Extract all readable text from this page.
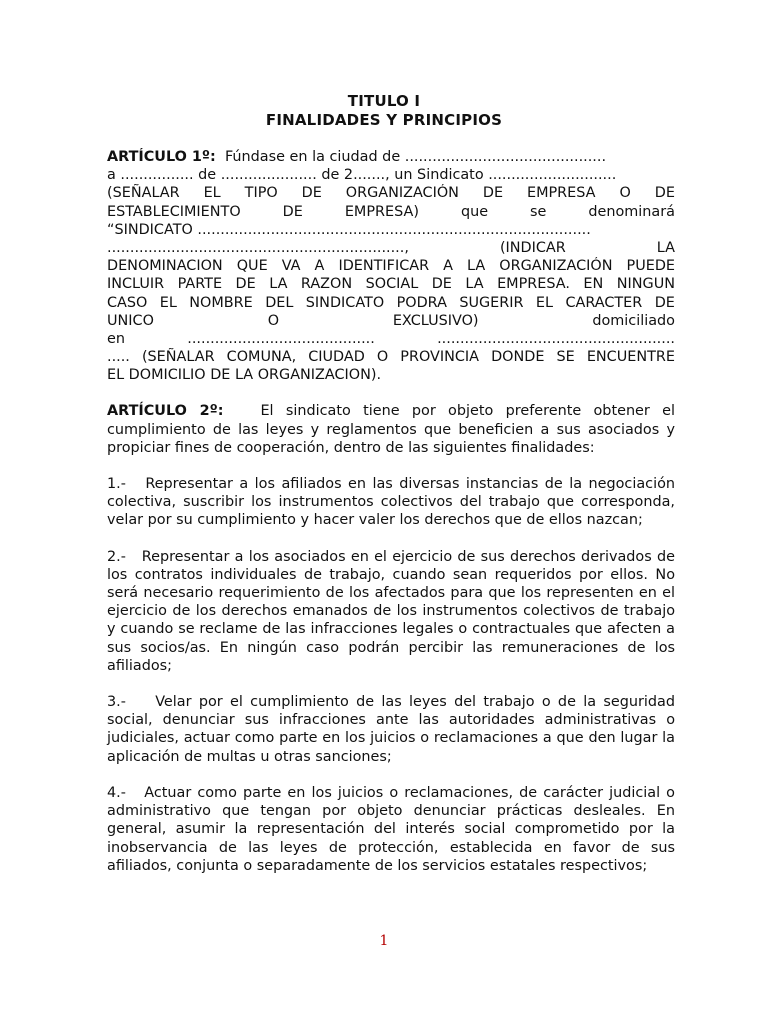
TITULO I
FINALIDADES Y PRINCIPIOS
ARTÍCULO 1º: Fúndase en la ciudad de ............................................
a ................ de ..................... de 2......., un Sindicato ............................
(SEÑALAR EL TIPO DE ORGANIZACIÓN DE EMPRESA O DE
ESTABLECIMIENTO	DE	EMPRESA)	que	se	denominará
“SINDICATO ......................................................................................
.................................................................,	(INDICAR	LA
DENOMINACION QUE VA A IDENTIFICAR A LA ORGANIZACIÓN PUEDE
INCLUIR PARTE DE LA RAZON SOCIAL DE LA EMPRESA. EN NINGUN
CASO EL NOMBRE DEL SINDICATO PODRA SUGERIR EL CARACTER DE
UNICO	O	EXCLUSIVO)	domiciliado
en	.........................................	....................................................
..... (SEÑALAR COMUNA, CIUDAD O PROVINCIA DONDE SE ENCUENTRE
EL DOMICILIO DE LA ORGANIZACION).
ARTÍCULO 2º:	El sindicato tiene por objeto preferente obtener el cumplimiento de las leyes y reglamentos que beneficien a sus asociados y propiciar fines de cooperación, dentro de las siguientes finalidades:
1.- Representar a los afiliados en las diversas instancias de la negociación colectiva, suscribir los instrumentos colectivos del trabajo que corresponda, velar por su cumplimiento y hacer valer los derechos que de ellos nazcan;
2.- Representar a los asociados en el ejercicio de sus derechos derivados de los contratos individuales de trabajo, cuando sean requeridos por ellos. No será necesario requerimiento de los afectados para que los representen en el ejercicio de los derechos emanados de los instrumentos colectivos de trabajo y cuando se reclame de las infracciones legales o contractuales que afecten a sus socios/as. En ningún caso podrán percibir las remuneraciones de los afiliados;
3.- Velar por el cumplimiento de las leyes del trabajo o de la seguridad social, denunciar sus infracciones ante las autoridades administrativas o judiciales, actuar como parte en los juicios o reclamaciones a que den lugar la aplicación de multas u otras sanciones;
4.- Actuar como parte en los juicios o reclamaciones, de carácter judicial o administrativo que tengan por objeto denunciar prácticas desleales. En general, asumir la representación del interés social comprometido por la inobservancia de las leyes de protección, establecida en favor de sus afiliados, conjunta o separadamente de los servicios estatales respectivos;
1
